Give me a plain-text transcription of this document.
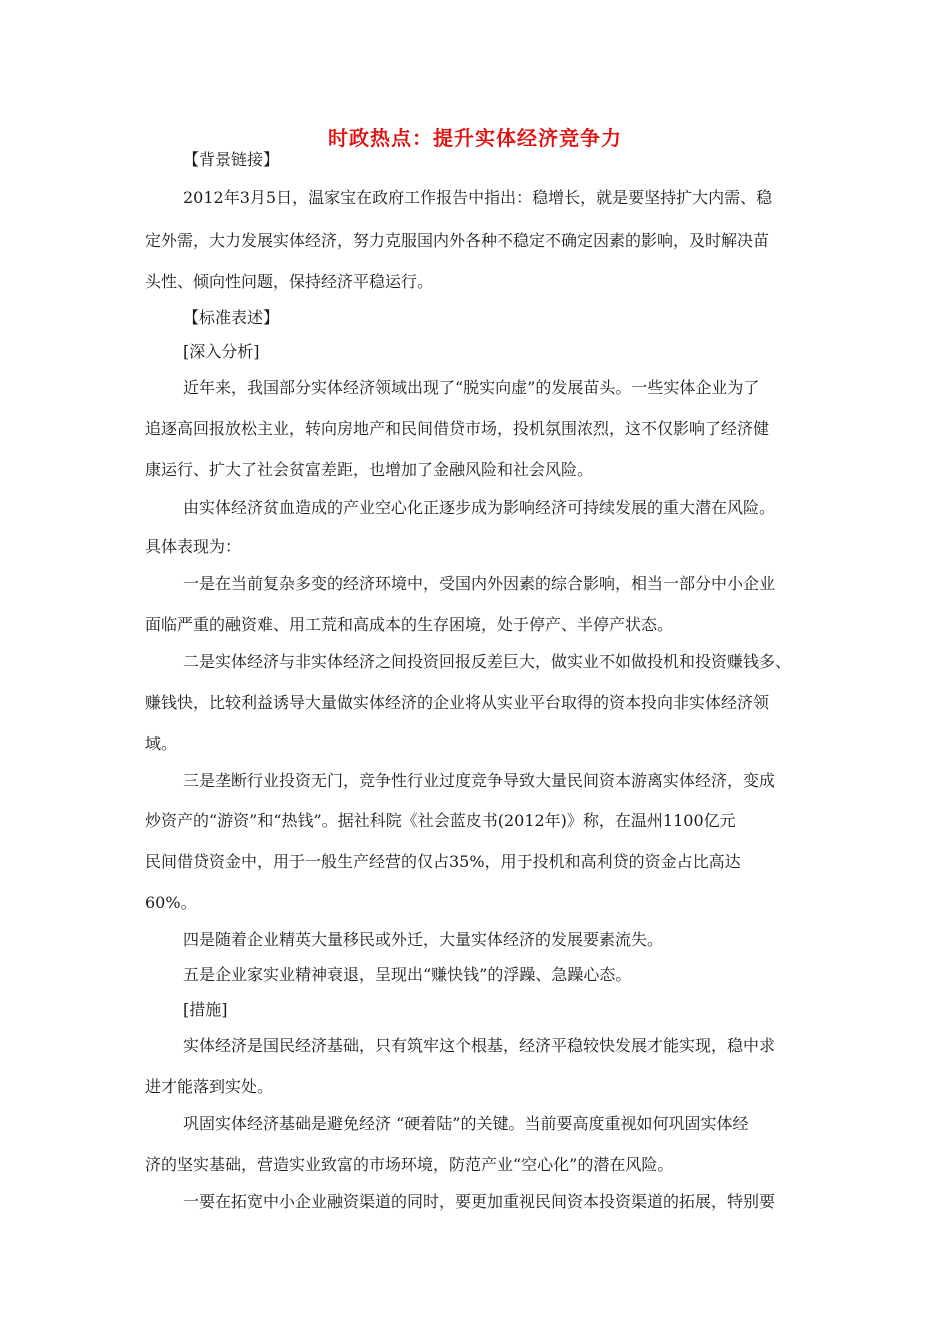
时政热点：提升实体经济竞争力
【背景链接】
2012年3月5日，温家宝在政府工作报告中指出：稳增长，就是要坚持扩大内需、稳
定外需，大力发展实体经济，努力克服国内外各种不稳定不确定因素的影响，及时解决苗
头性、倾向性问题，保持经济平稳运行。
【标准表述】
[深入分析]
近年来，我国部分实体经济领域出现了“脱实向虚”的发展苗头。一些实体企业为了
追逐高回报放松主业，转向房地产和民间借贷市场，投机氛围浓烈，这不仅影响了经济健
康运行、扩大了社会贫富差距，也增加了金融风险和社会风险。
由实体经济贫血造成的产业空心化正逐步成为影响经济可持续发展的重大潜在风险。
具体表现为：
一是在当前复杂多变的经济环境中，受国内外因素的综合影响，相当一部分中小企业
面临严重的融资难、用工荒和高成本的生存困境，处于停产、半停产状态。
二是实体经济与非实体经济之间投资回报反差巨大，做实业不如做投机和投资赚钱多、
赚钱快，比较利益诱导大量做实体经济的企业将从实业平台取得的资本投向非实体经济领
域。
三是垄断行业投资无门，竞争性行业过度竞争导致大量民间资本游离实体经济，变成
炒资产的“游资”和“热钱”。据社科院《社会蓝皮书(2012年)》称，在温州1100亿元
民间借贷资金中，用于一般生产经营的仅占35%，用于投机和高利贷的资金占比高达
60%。
四是随着企业精英大量移民或外迁，大量实体经济的发展要素流失。
五是企业家实业精神衰退，呈现出“赚快钱”的浮躁、急躁心态。
[措施]
实体经济是国民经济基础，只有筑牢这个根基，经济平稳较快发展才能实现，稳中求
进才能落到实处。
巩固实体经济基础是避免经济 “硬着陆”的关键。当前要高度重视如何巩固实体经
济的坚实基础，营造实业致富的市场环境，防范产业“空心化”的潜在风险。
一要在拓宽中小企业融资渠道的同时，要更加重视民间资本投资渠道的拓展，特别要
